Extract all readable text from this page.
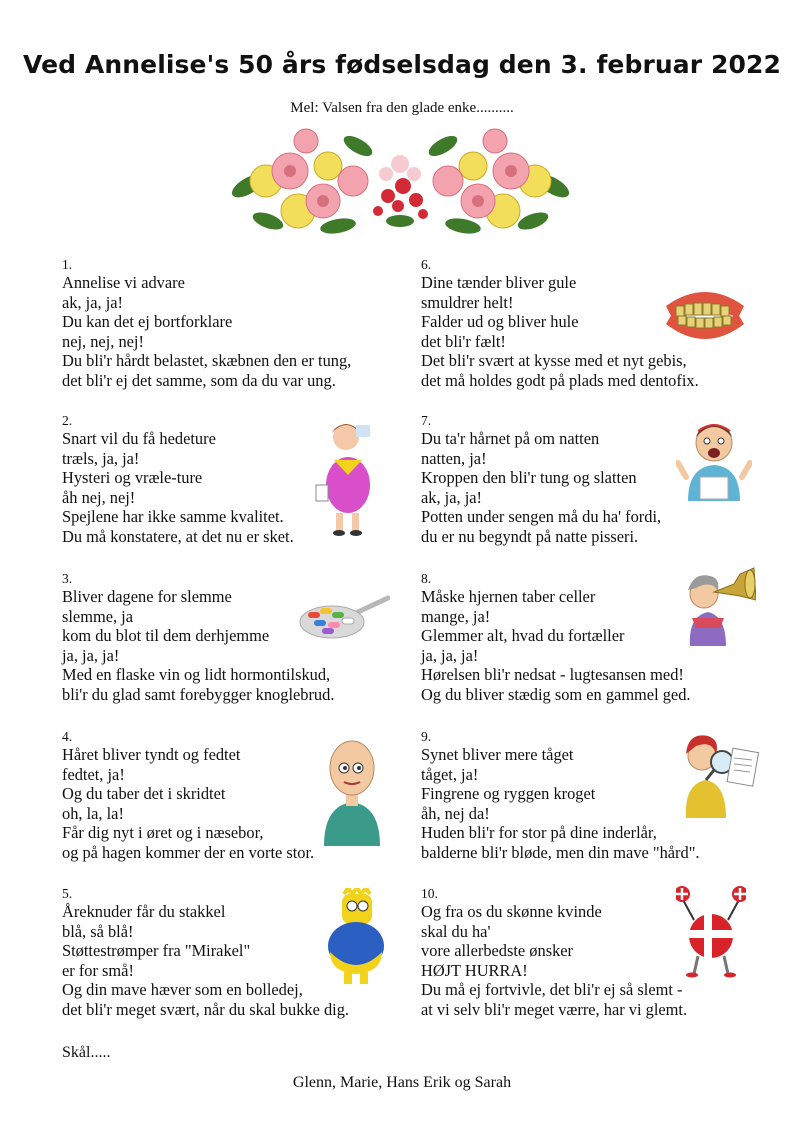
Ved Annelise's 50 års fødselsdag den 3. februar 2022
Mel: Valsen fra den glade enke..........
1.
Annelise vi advare
ak, ja, ja!
Du kan det ej bortforklare
nej, nej, nej!
Du bli'r hårdt belastet, skæbnen den er tung,
det bli'r ej det samme, som da du var ung.
2.
Snart vil du få hedeture
træls, ja, ja!
Hysteri og vræle-ture
åh nej, nej!
Spejlene har ikke samme kvalitet.
Du må konstatere, at det nu er sket.
3.
Bliver dagene for slemme
slemme, ja
kom du blot til dem derhjemme
ja, ja, ja!
Med en flaske vin og lidt hormontilskud,
bli'r du glad samt forebygger knoglebrud.
4.
Håret bliver tyndt og fedtet
fedtet, ja!
Og du taber det i skridtet
oh, la, la!
Får dig nyt i øret og i næsebor,
og på hagen kommer der en vorte stor.
5.
Åreknuder får du stakkel
blå, så blå!
Støttestrømper fra "Mirakel"
er for små!
Og din mave hæver som en bolledej,
det bli'r meget svært, når du skal bukke dig.
6.
Dine tænder bliver gule
smuldrer helt!
Falder ud og bliver hule
det bli'r fælt!
Det bli'r svært at kysse med et nyt gebis,
det må holdes godt på plads med dentofix.
7.
Du ta'r hårnet på om natten
natten, ja!
Kroppen den bli'r tung og slatten
ak, ja, ja!
Potten under sengen må du ha' fordi,
du er nu begyndt på natte pisseri.
8.
Måske hjernen taber celler
mange, ja!
Glemmer alt, hvad du fortæller
ja, ja, ja!
Hørelsen bli'r nedsat - lugtesansen med!
Og du bliver stædig som en gammel ged.
9.
Synet bliver mere tåget
tåget, ja!
Fingrene og ryggen kroget
åh, nej da!
Huden bli'r for stor på dine inderlår,
balderne bli'r bløde, men din mave "hård".
10.
Og fra os du skønne kvinde
skal du ha'
vore allerbedste ønsker
HØJT HURRA!
Du må ej fortvivle, det bli'r ej så slemt -
at vi selv bli'r meget værre, har vi glemt.
Skål.....
Glenn, Marie, Hans Erik og Sarah
